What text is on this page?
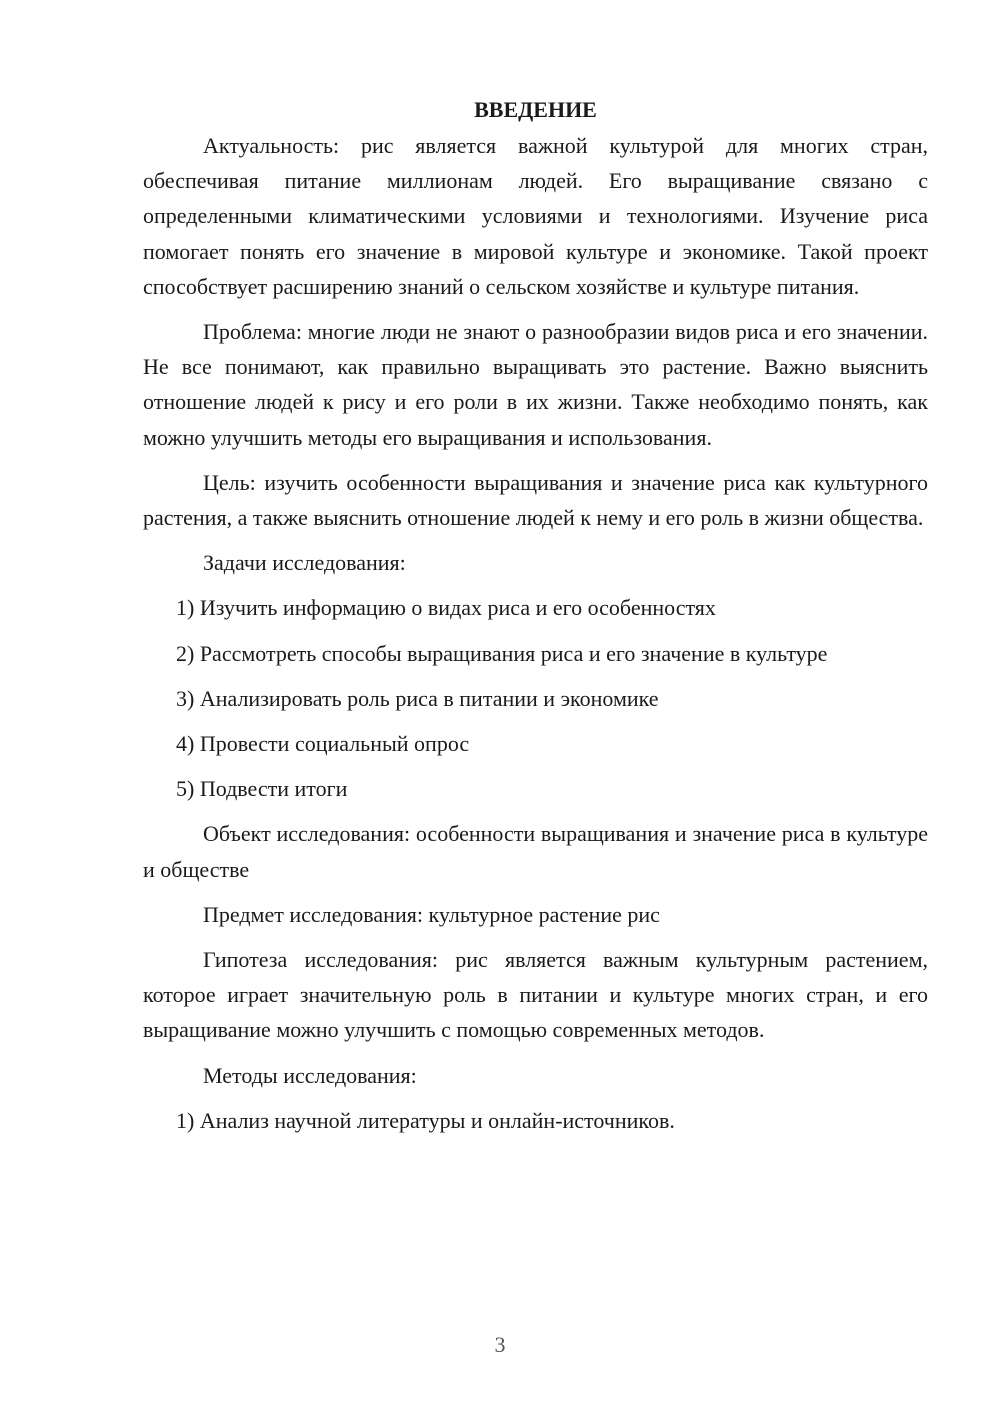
ВВЕДЕНИЕ

Актуальность: рис является важной культурой для многих стран, обеспечивая питание миллионам людей. Его выращивание связано с определенными климатическими условиями и технологиями. Изучение риса помогает понять его значение в мировой культуре и экономике. Такой проект способствует расширению знаний о сельском хозяйстве и культуре питания.

Проблема: многие люди не знают о разнообразии видов риса и его значении. Не все понимают, как правильно выращивать это растение. Важно выяснить отношение людей к рису и его роли в их жизни. Также необходимо понять, как можно улучшить методы его выращивания и использования.

Цель: изучить особенности выращивания и значение риса как культурного растения, а также выяснить отношение людей к нему и его роль в жизни общества.

Задачи исследования:

1) Изучить информацию о видах риса и его особенностях

2) Рассмотреть способы выращивания риса и его значение в культуре

3) Анализировать роль риса в питании и экономике

4) Провести социальный опрос

5) Подвести итоги

Объект исследования: особенности выращивания и значение риса в культуре и обществе

Предмет исследования: культурное растение рис

Гипотеза исследования: рис является важным культурным растением, которое играет значительную роль в питании и культуре многих стран, и его выращивание можно улучшить с помощью современных методов.

Методы исследования:

1) Анализ научной литературы и онлайн-источников.

3
